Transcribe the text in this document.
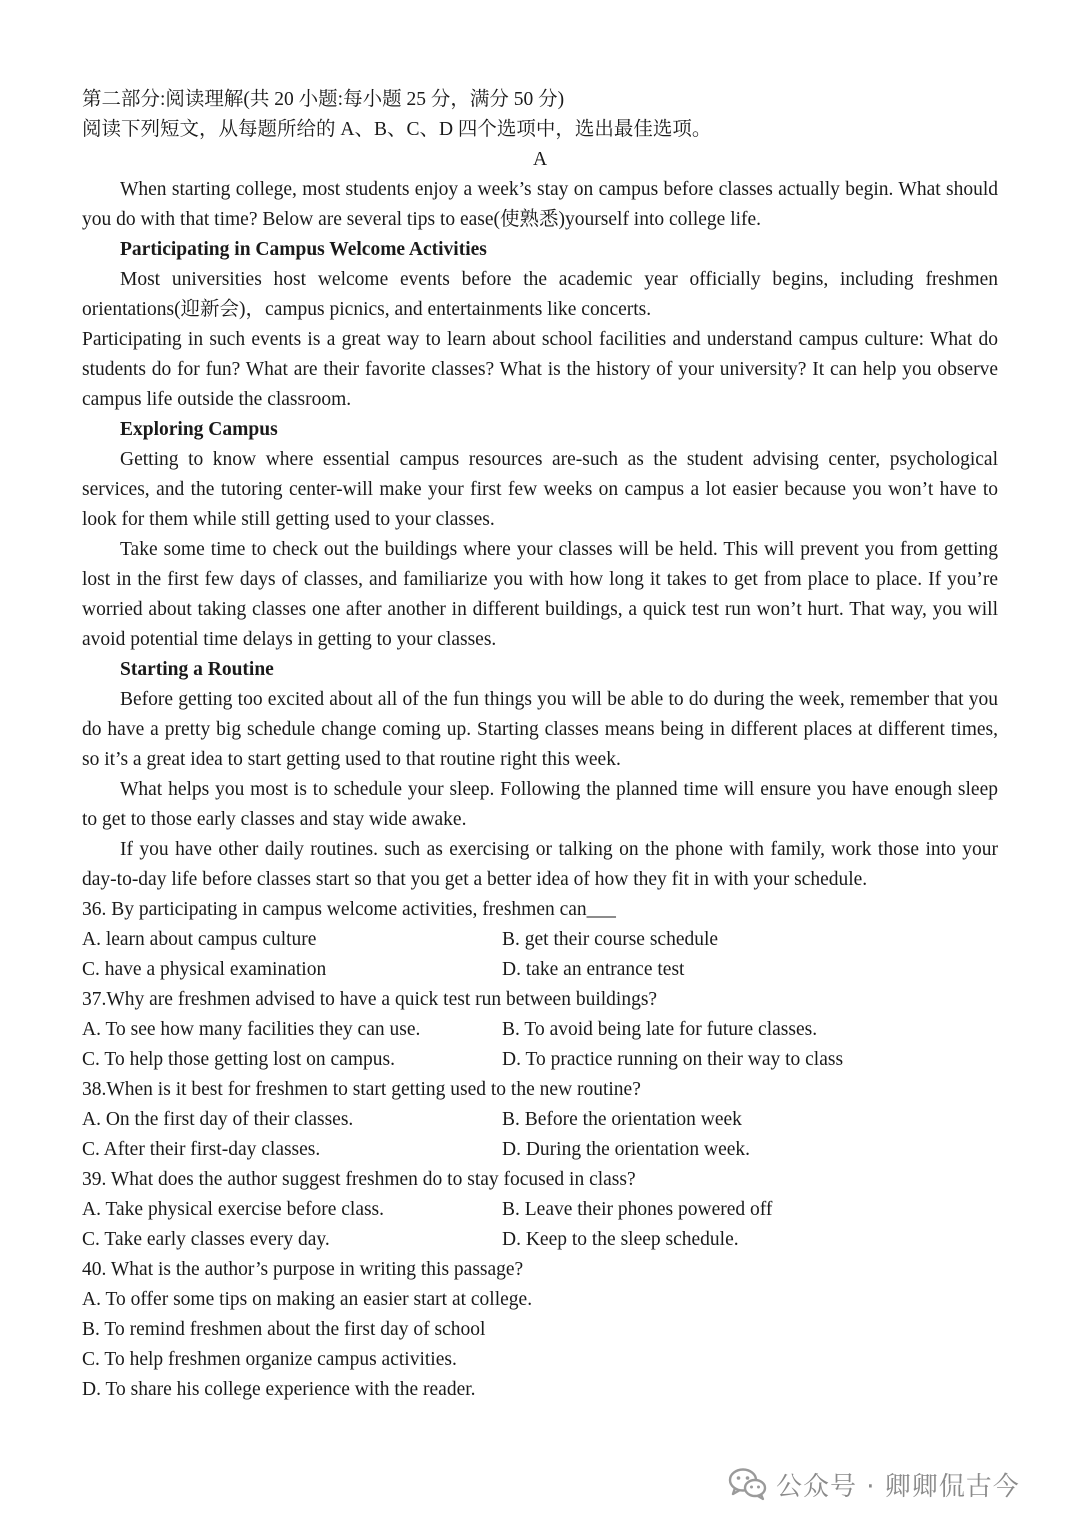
第二部分:阅读理解(共 20 小题:每小题 25 分，满分 50 分)
阅读下列短文，从每题所给的 A、B、C、D 四个选项中，选出最佳选项。
A

When starting college, most students enjoy a week’s stay on campus before classes actually begin. What should you do with that time? Below are several tips to ease(使熟悉)yourself into college life.

Participating in Campus Welcome Activities

Most universities host welcome events before the academic year officially begins, including freshmen orientations(迎新会)，campus picnics, and entertainments like concerts.

Participating in such events is a great way to learn about school facilities and understand campus culture: What do students do for fun? What are their favorite classes? What is the history of your university? It can help you observe campus life outside the classroom.

Exploring Campus

Getting to know where essential campus resources are-such as the student advising center, psychological services, and the tutoring center-will make your first few weeks on campus a lot easier because you won’t have to look for them while still getting used to your classes.

Take some time to check out the buildings where your classes will be held. This will prevent you from getting lost in the first few days of classes, and familiarize you with how long it takes to get from place to place. If you’re worried about taking classes one after another in different buildings, a quick test run won’t hurt. That way, you will avoid potential time delays in getting to your classes.

Starting a Routine

Before getting too excited about all of the fun things you will be able to do during the week, remember that you do have a pretty big schedule change coming up. Starting classes means being in different places at different times, so it’s a great idea to start getting used to that routine right this week.

What helps you most is to schedule your sleep. Following the planned time will ensure you have enough sleep to get to those early classes and stay wide awake.

If you have other daily routines. such as exercising or talking on the phone with family, work those into your day-to-day life before classes start so that you get a better idea of how they fit in with your schedule.

36. By participating in campus welcome activities, freshmen can___
A. learn about campus culture	B. get their course schedule
C. have a physical examination	D. take an entrance test
37.Why are freshmen advised to have a quick test run between buildings?
A. To see how many facilities they can use.	B. To avoid being late for future classes.
C. To help those getting lost on campus.	D. To practice running on their way to class
38.When is it best for freshmen to start getting used to the new routine?
A. On the first day of their classes.	B. Before the orientation week
C. After their first-day classes.	D. During the orientation week.
39. What does the author suggest freshmen do to stay focused in class?
A. Take physical exercise before class.	B. Leave their phones powered off
C. Take early classes every day.	D. Keep to the sleep schedule.
40. What is the author’s purpose in writing this passage?
A. To offer some tips on making an easier start at college.
B. To remind freshmen about the first day of school
C. To help freshmen organize campus activities.
D. To share his college experience with the reader.
公众号 · 卿卿侃古今
